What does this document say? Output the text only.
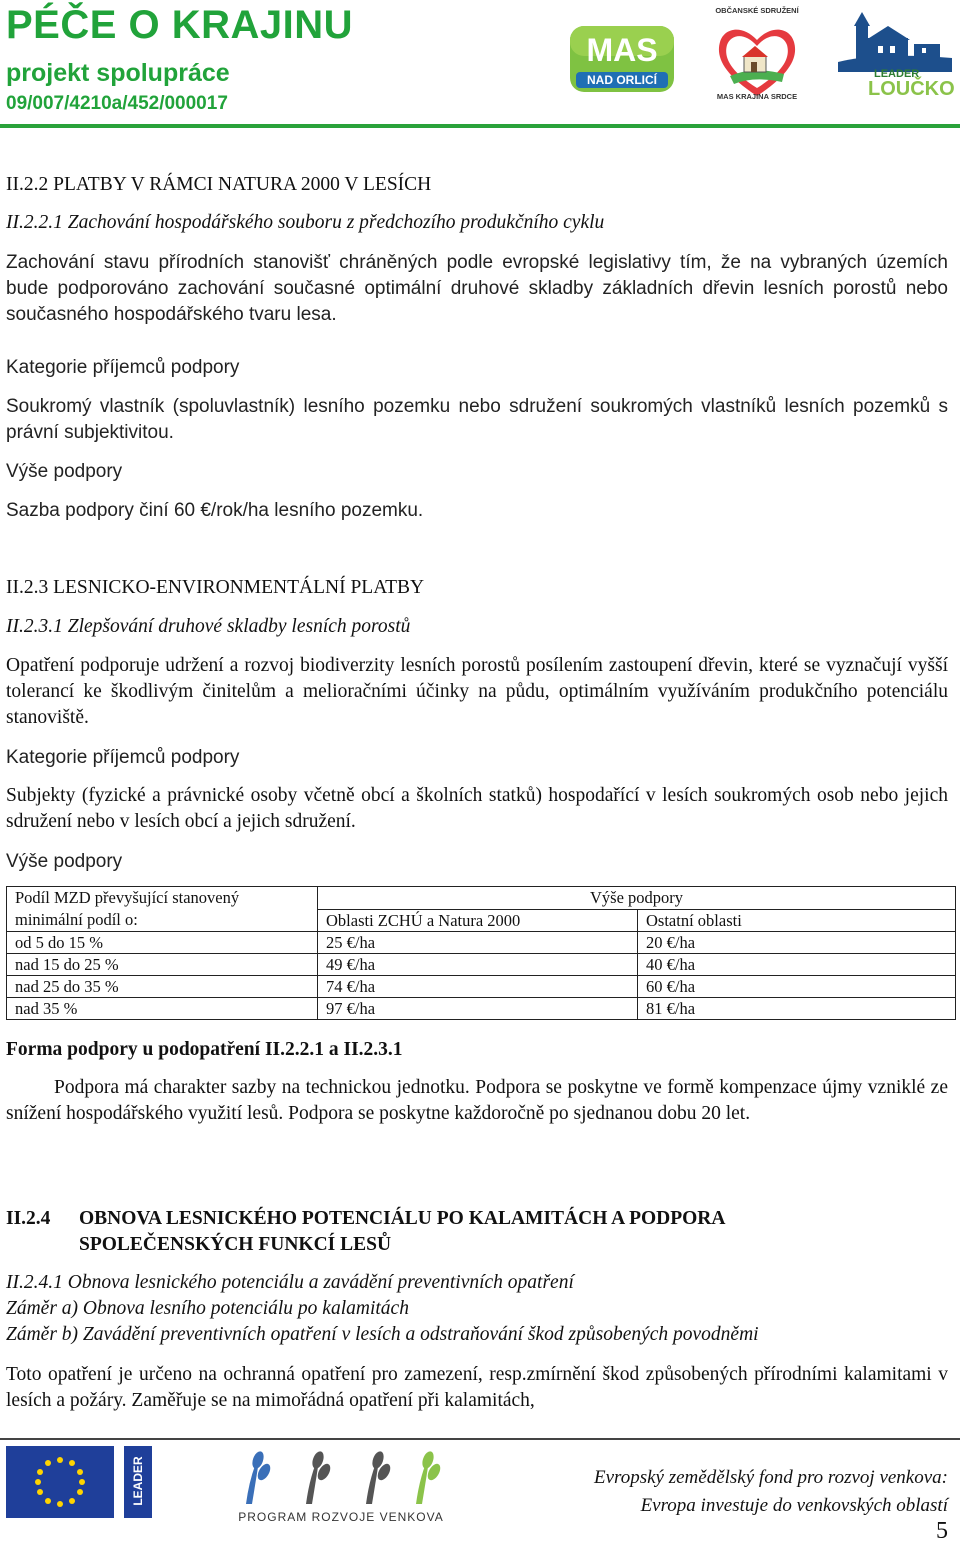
PÉČE O KRAJINU
projekt spolupráce
09/007/4210a/452/000017
MAS
NAD ORLICÍ
OBČANSKÉ SDRUŽENÍ
MAS KRAJINA SRDCE
LEADER
LOUČKO
II.2.2 PLATBY V RÁMCI NATURA 2000 V LESÍCH
II.2.2.1 Zachování hospodářského souboru z předchozího produkčního cyklu
Zachování stavu přírodních stanovišť chráněných podle evropské legislativy tím, že na vybraných územích bude podporováno zachování současné optimální druhové skladby základních dřevin lesních porostů nebo současného hospodářského tvaru lesa.
Kategorie příjemců podpory
Soukromý vlastník (spoluvlastník) lesního pozemku nebo sdružení soukromých vlastníků lesních pozemků s právní subjektivitou.
Výše podpory
Sazba podpory činí 60 €/rok/ha lesního pozemku.
II.2.3 LESNICKO-ENVIRONMENTÁLNÍ PLATBY
II.2.3.1 Zlepšování druhové skladby lesních porostů
Opatření podporuje udržení a rozvoj biodiverzity lesních porostů posílením zastoupení dřevin, které se vyznačují vyšší tolerancí ke škodlivým činitelům a melioračními účinky na půdu, optimálním využíváním produkčního potenciálu stanoviště.
Kategorie příjemců podpory
Subjekty (fyzické a právnické osoby včetně obcí a školních statků) hospodařící v lesích soukromých osob nebo jejich sdružení nebo v lesích obcí a jejich sdružení.
Výše podpory
Podíl MZD převyšující stanovený
minimální podíl o:	Výše podpory	
	Oblasti ZCHÚ a Natura 2000	Ostatní oblasti
od 5 do 15 %	25 €/ha	20 €/ha
nad 15 do 25 %	49 €/ha	40 €/ha
nad 25 do 35 %	74 €/ha	60 €/ha
nad 35 %	97 €/ha	81 €/ha
Forma podpory u podopatření II.2.2.1 a II.2.3.1
Podpora má charakter sazby na technickou jednotku. Podpora se poskytne ve formě kompenzace újmy vzniklé ze snížení hospodářského využití lesů. Podpora se poskytne každoročně po sjednanou dobu 20 let.
II.2.4 OBNOVA LESNICKÉHO POTENCIÁLU PO KALAMITÁCH A PODPORA
SPOLEČENSKÝCH FUNKCÍ LESŮ
II.2.4.1 Obnova lesnického potenciálu a zavádění preventivních opatření
Záměr a) Obnova lesního potenciálu po kalamitách
Záměr b) Zavádění preventivních opatření v lesích a odstraňování škod způsobených povodněmi
Toto opatření je určeno na ochranná opatření pro zamezení, resp.zmírnění škod způsobených přírodními kalamitami v lesích a požáry. Zaměřuje se na mimořádná opatření při kalamitách,
LEADER
PROGRAM ROZVOJE VENKOVA
Evropský zemědělský fond pro rozvoj venkova:
Evropa investuje do venkovských oblastí
5
